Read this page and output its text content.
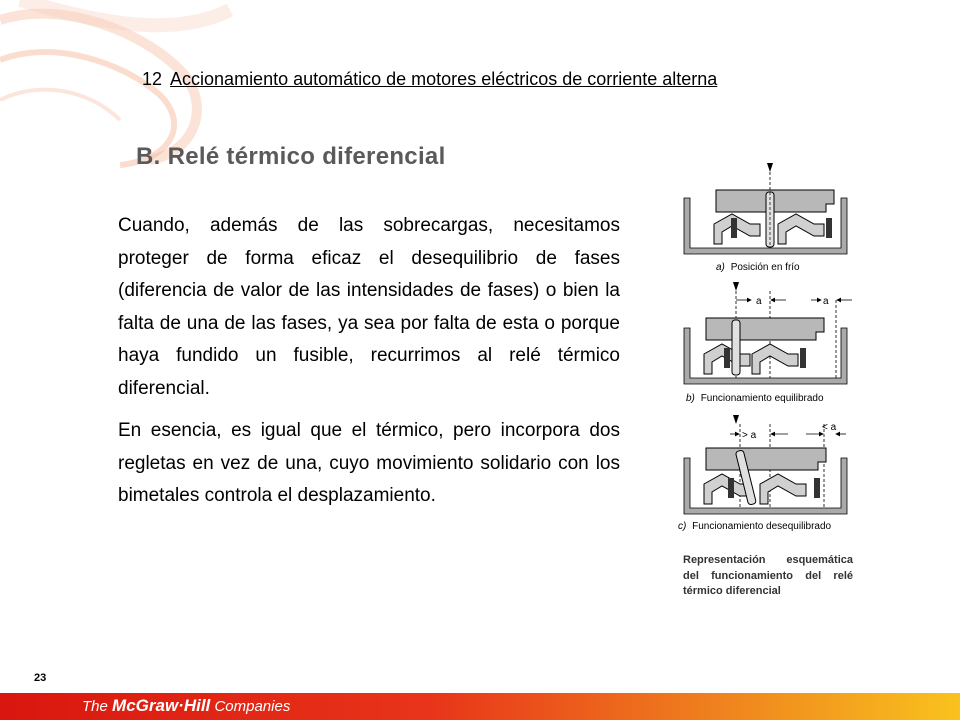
12 Accionamiento automático de motores eléctricos de corriente alterna
B. Relé térmico diferencial

Cuando, además de las sobrecargas, necesitamos proteger de forma eficaz el desequilibrio de fases (diferencia de valor de las intensidades de fases) o bien la falta de una de las fases, ya sea por falta de esta o porque haya fundido un fusible, recurrimos al relé térmico diferencial.

En esencia, es igual que el térmico, pero incorpora dos regletas en vez de una, cuyo movimiento solidario con los bimetales controla el desplazamiento.

a) Posición en frío
a	a
b) Funcionamiento equilibrado
> a
< a
c) Funcionamiento desequilibrado
Representación esquemática del funcionamiento del relé térmico diferencial
23
The McGraw·Hill Companies
